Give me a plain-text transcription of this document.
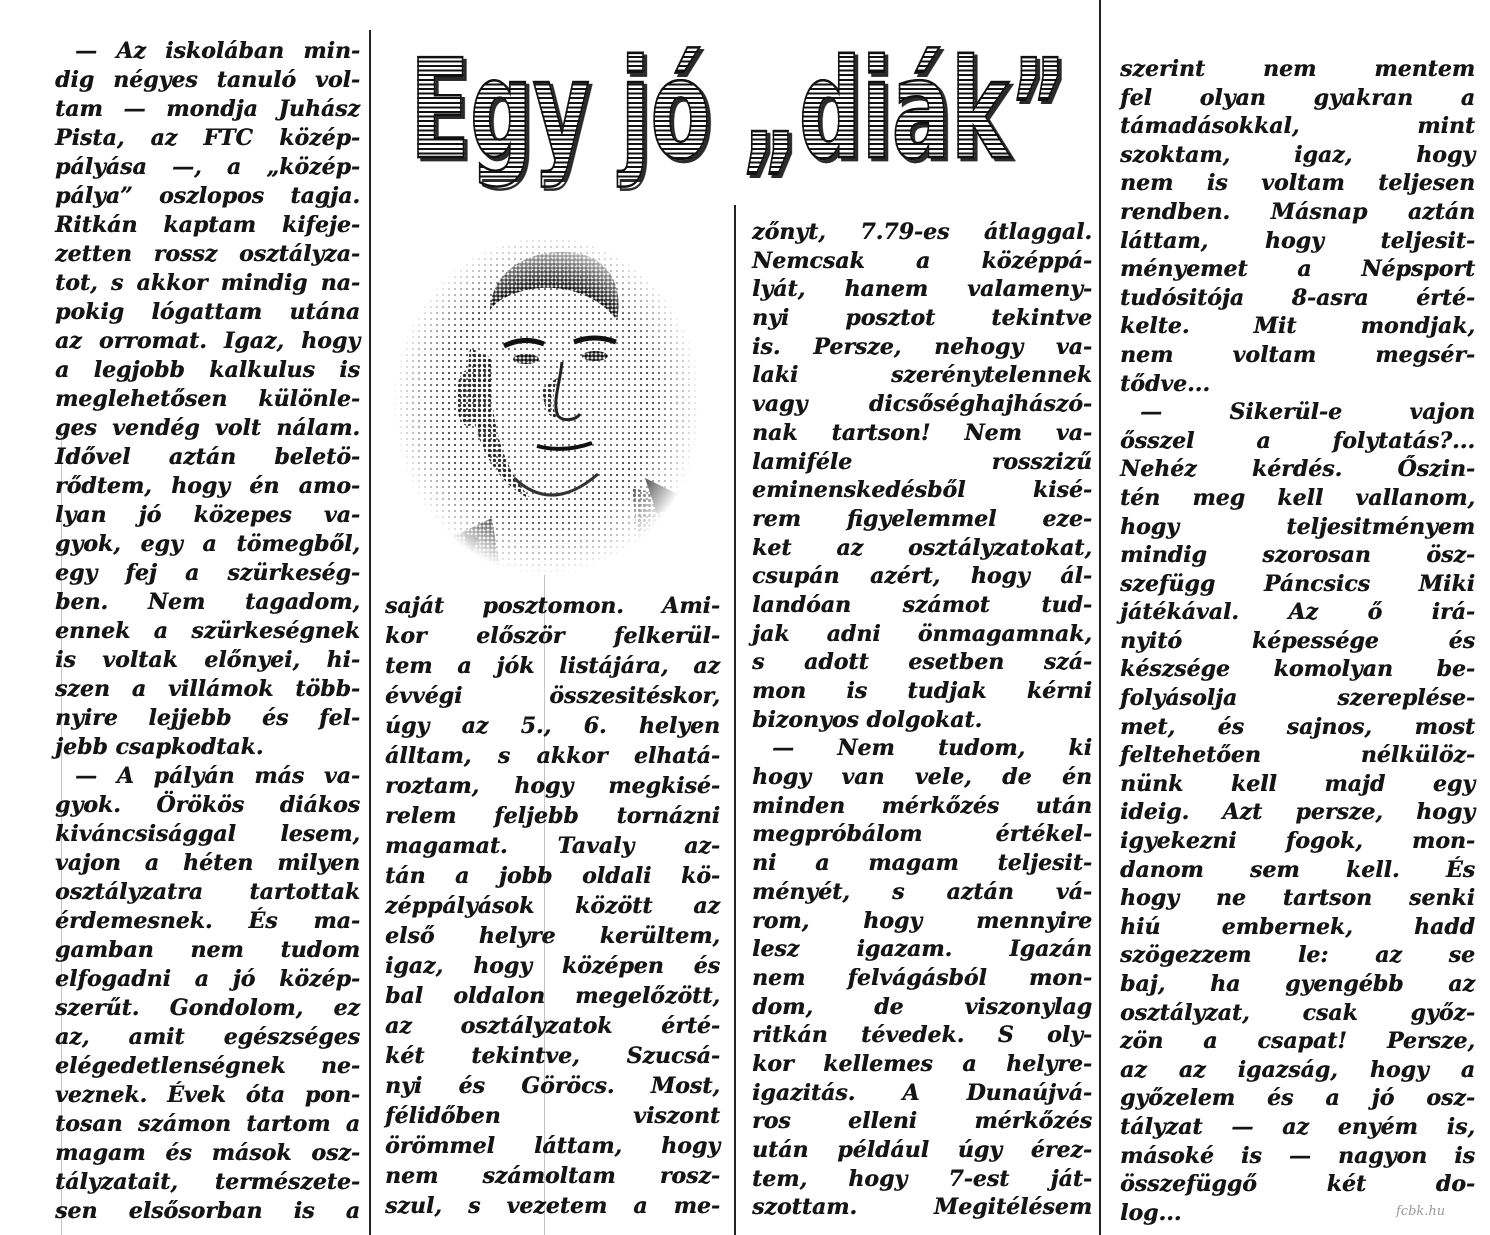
Egy jó „diák”
— Az iskolában min-
dig négyes tanuló vol-
tam — mondja Juhász
Pista, az FTC közép-
pályása —, a „közép-
pálya” oszlopos tagja.
Ritkán kaptam kifeje-
zetten rossz osztályza-
tot, s akkor mindig na-
pokig lógattam utána
az orromat. Igaz, hogy
a legjobb kalkulus is
meglehetősen különle-
ges vendég volt nálam.
Idővel aztán beletö-
rődtem, hogy én amo-
lyan jó közepes va-
gyok, egy a tömegből,
egy fej a szürkeség-
ben. Nem tagadom,
ennek a szürkeségnek
is voltak előnyei, hi-
szen a villámok több-
nyire lejjebb és fel-
jebb csapkodtak.
— A pályán más va-
gyok. Örökös diákos
kiváncsisággal lesem,
vajon a héten milyen
osztályzatra tartottak
érdemesnek. És ma-
gamban nem tudom
elfogadni a jó közép-
szerűt. Gondolom, ez
az, amit egészséges
elégedetlenségnek ne-
veznek. Évek óta pon-
tosan számon tartom a
magam és mások osz-
tályzatait, természete-
sen elsősorban is a
saját posztomon. Ami-
kor először felkerül-
tem a jók listájára, az
évvégi összesitéskor,
úgy az 5., 6. helyen
álltam, s akkor elhatá-
roztam, hogy megkisé-
relem feljebb tornázni
magamat. Tavaly az-
tán a jobb oldali kö-
zéppályások között az
első helyre kerültem,
igaz, hogy középen és
bal oldalon megelőzött,
az osztályzatok érté-
két tekintve, Szucsá-
nyi és Göröcs. Most,
félidőben viszont
örömmel láttam, hogy
nem számoltam rosz-
szul, s vezetem a me-
zőnyt, 7.79-es átlaggal.
Nemcsak a középpá-
lyát, hanem valameny-
nyi posztot tekintve
is. Persze, nehogy va-
laki szerénytelennek
vagy dicsőséghajhászó-
nak tartson! Nem va-
lamiféle rosszizű
eminenskedésből kisé-
rem figyelemmel eze-
ket az osztályzatokat,
csupán azért, hogy ál-
landóan számot tud-
jak adni önmagamnak,
s adott esetben szá-
mon is tudjak kérni
bizonyos dolgokat.
— Nem tudom, ki
hogy van vele, de én
minden mérkőzés után
megpróbálom értékel-
ni a magam teljesit-
ményét, s aztán vá-
rom, hogy mennyire
lesz igazam. Igazán
nem felvágásból mon-
dom, de viszonylag
ritkán tévedek. S oly-
kor kellemes a helyre-
igazitás. A Dunaújvá-
ros elleni mérkőzés
után például úgy érez-
tem, hogy 7-est ját-
szottam. Megitélésem
szerint nem mentem
fel olyan gyakran a
támadásokkal, mint
szoktam, igaz, hogy
nem is voltam teljesen
rendben. Másnap aztán
láttam, hogy teljesit-
ményemet a Népsport
tudósitója 8-asra érté-
kelte. Mit mondjak,
nem voltam megsér-
tődve...
— Sikerül-e vajon
ősszel a folytatás?...
Nehéz kérdés. Őszin-
tén meg kell vallanom,
hogy teljesitményem
mindig szorosan ösz-
szefügg Páncsics Miki
játékával. Az ő irá-
nyitó képessége és
készsége komolyan be-
folyásolja szereplése-
met, és sajnos, most
feltehetően nélkülöz-
nünk kell majd egy
ideig. Azt persze, hogy
igyekezni fogok, mon-
danom sem kell. És
hogy ne tartson senki
hiú embernek, hadd
szögezzem le: az se
baj, ha gyengébb az
osztályzat, csak győz-
zön a csapat! Persze,
az az igazság, hogy a
győzelem és a jó osz-
tályzat — az enyém is,
másoké is — nagyon is
összefüggő két do-
log...	fcbk.hu
